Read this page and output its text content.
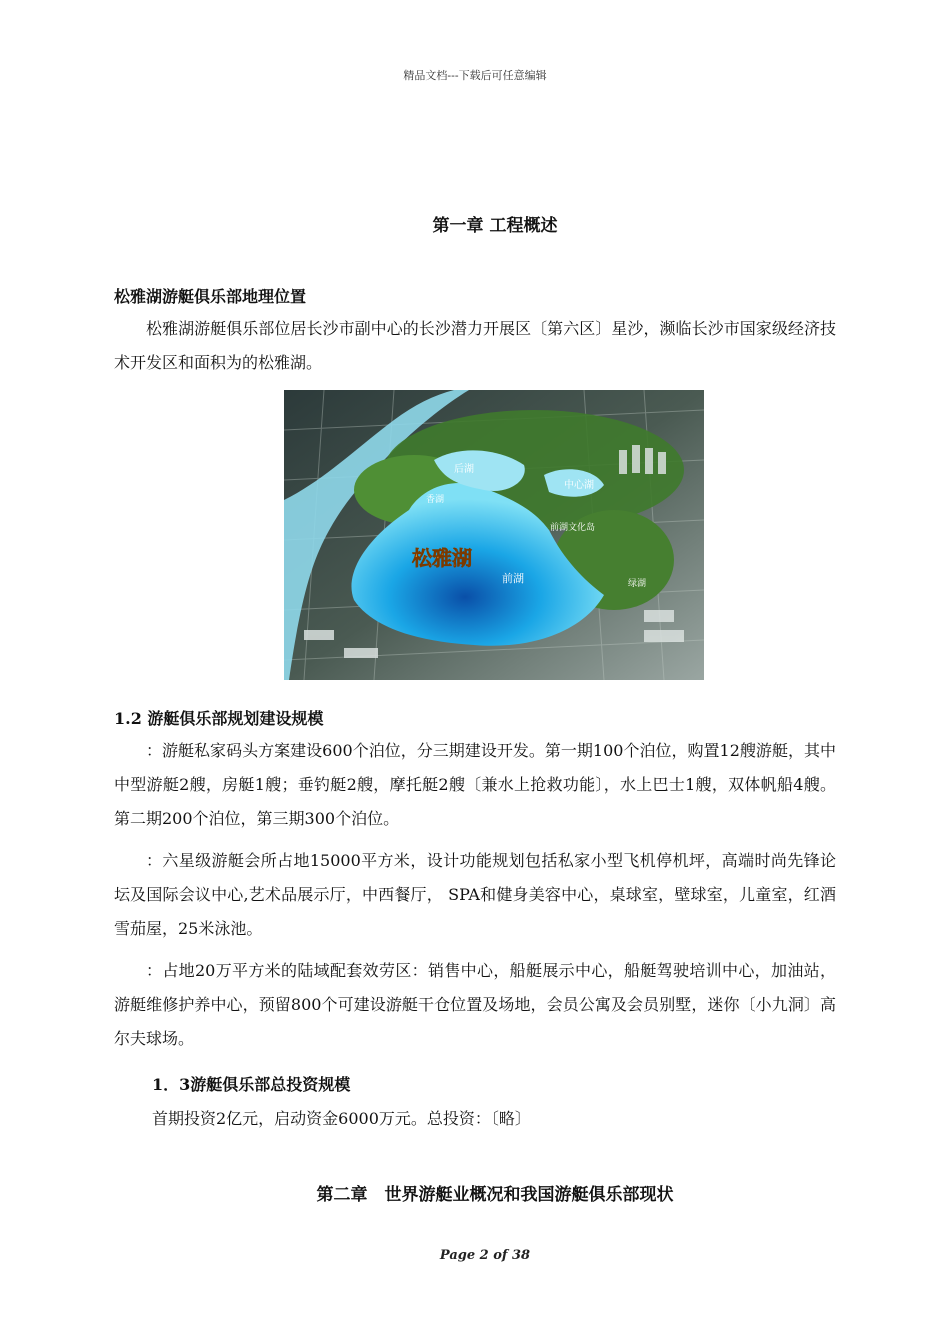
精品文档---下载后可任意编辑
第一章 工程概述
松雅湖游艇俱乐部地理位置

松雅湖游艇俱乐部位居长沙市副中心的长沙潜力开展区〔第六区〕星沙，濒临长沙市国家级经济技术开发区和面积为的松雅湖。

松雅湖
后湖
中心湖
香湖
前湖文化岛
前湖	绿湖
1.2 游艇俱乐部规划建设规模

：游艇私家码头方案建设600个泊位，分三期建设开发。第一期100个泊位，购置12艘游艇，其中中型游艇2艘，房艇1艘；垂钓艇2艘，摩托艇2艘〔兼水上抢救功能〕，水上巴士1艘，双体帆船4艘。第二期200个泊位，第三期300个泊位。

：六星级游艇会所占地15000平方米，设计功能规划包括私家小型飞机停机坪，高端时尚先锋论坛及国际会议中心,艺术品展示厅，中西餐厅， SPA和健身美容中心，桌球室，壁球室，儿童室，红酒雪茄屋，25米泳池。

：占地20万平方米的陆域配套效劳区：销售中心，船艇展示中心，船艇驾驶培训中心，加油站，游艇维修护养中心，预留800个可建设游艇干仓位置及场地，会员公寓及会员别墅，迷你〔小九洞〕高尔夫球场。

1．3游艇俱乐部总投资规模
首期投资2亿元，启动资金6000万元。总投资：〔略〕
第二章　世界游艇业概况和我国游艇俱乐部现状
Page 2 of 38
